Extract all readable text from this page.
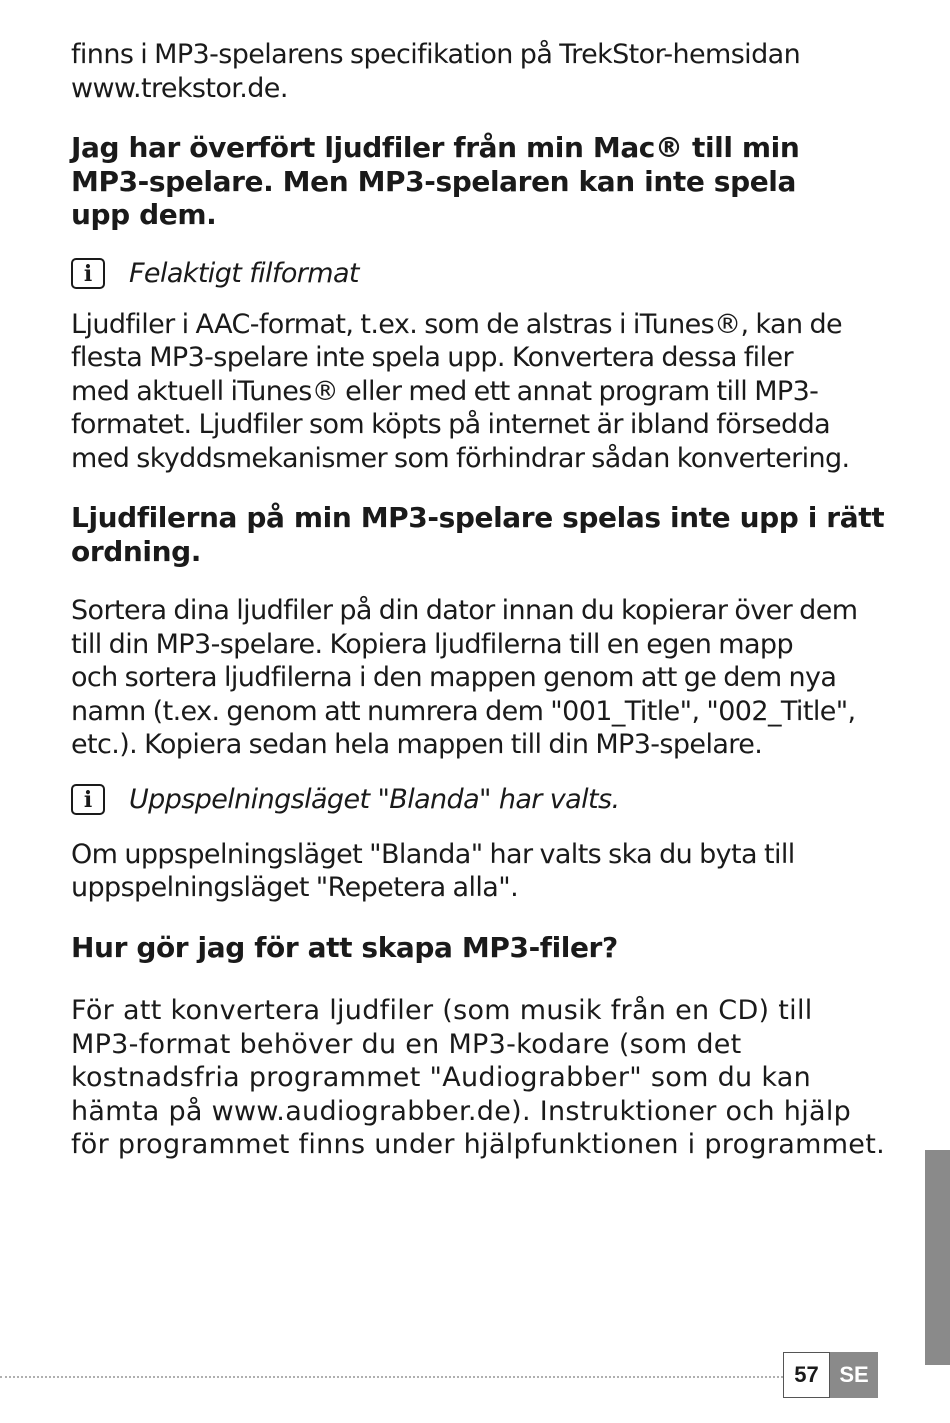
finns i MP3-spelarens specifikation på TrekStor-hemsidan
www.trekstor.de.

Jag har överfört ljudfiler från min Mac® till min
MP3-spelare. Men MP3-spelaren kan inte spela
upp dem.
i	Felaktigt filformat

Ljudfiler i AAC-format, t.ex. som de alstras i iTunes®, kan de
flesta MP3-spelare inte spela upp. Konvertera dessa filer
med aktuell iTunes® eller med ett annat program till MP3-
formatet. Ljudfiler som köpts på internet är ibland försedda
med skyddsmekanismer som förhindrar sådan konvertering.

Ljudfilerna på min MP3-spelare spelas inte upp i rätt
ordning.

Sortera dina ljudfiler på din dator innan du kopierar över dem
till din MP3-spelare. Kopiera ljudfilerna till en egen mapp
och sortera ljudfilerna i den mappen genom att ge dem nya
namn (t.ex. genom att numrera dem "001_Title", "002_Title",
etc.). Kopiera sedan hela mappen till din MP3-spelare.

i	Uppspelningsläget "Blanda" har valts.

Om uppspelningsläget "Blanda" har valts ska du byta till
uppspelningsläget "Repetera alla".

Hur gör jag för att skapa MP3-filer?

För att konvertera ljudfiler (som musik från en CD) till
MP3-format behöver du en MP3-kodare (som det
kostnadsfria programmet "Audiograbber" som du kan
hämta på www.audiograbber.de). Instruktioner och hjälp
för programmet finns under hjälpfunktionen i programmet.

57 SE
